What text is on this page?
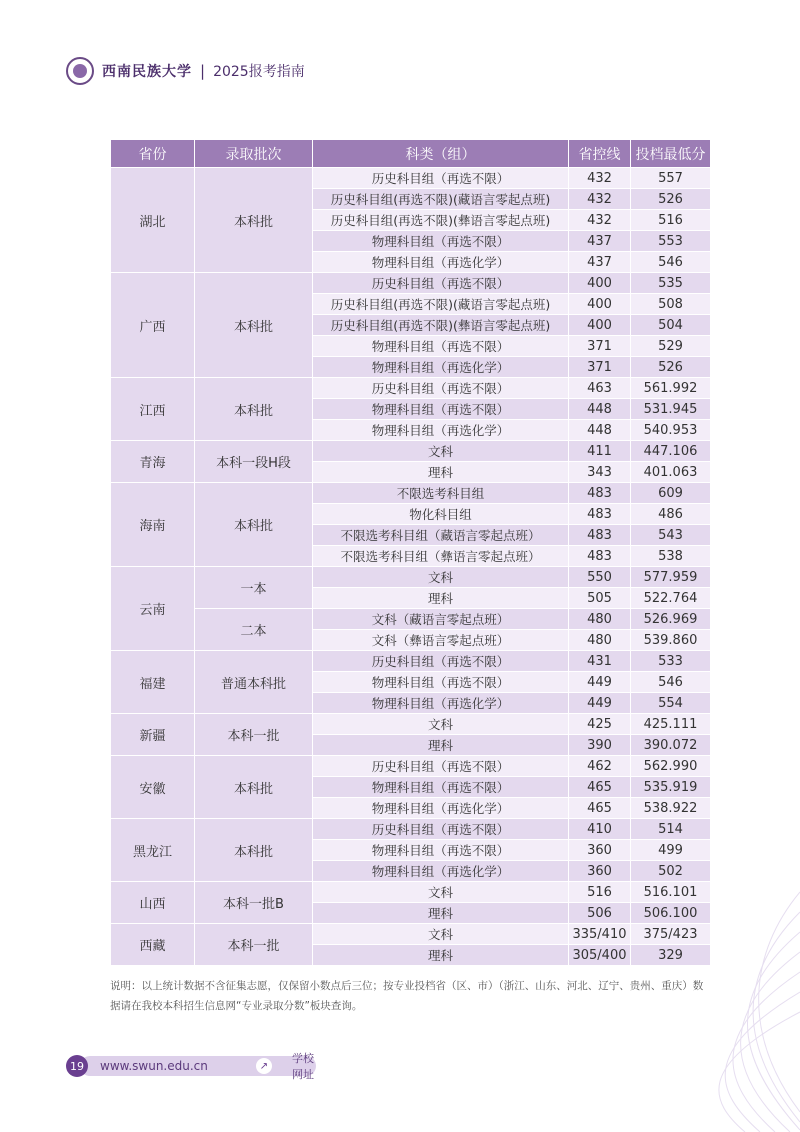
西南民族大学 | 2025报考指南
省份	录取批次	科类（组）	省控线	投档最低分
湖北	本科批	历史科目组（再选不限）	432	557
		历史科目组(再选不限)(藏语言零起点班)	432	526
		历史科目组(再选不限)(彝语言零起点班)	432	516
		物理科目组（再选不限）	437	553
		物理科目组（再选化学）	437	546
广西	本科批	历史科目组（再选不限）	400	535
		历史科目组(再选不限)(藏语言零起点班)	400	508
		历史科目组(再选不限)(彝语言零起点班)	400	504
		物理科目组（再选不限）	371	529
		物理科目组（再选化学）	371	526
江西	本科批	历史科目组（再选不限）	463	561.992
		物理科目组（再选不限）	448	531.945
		物理科目组（再选化学）	448	540.953
青海	本科一段H段	文科	411	447.106
		理科	343	401.063
海南	本科批	不限选考科目组	483	609
		物化科目组	483	486
		不限选考科目组（藏语言零起点班）	483	543
		不限选考科目组（彝语言零起点班）	483	538
云南	一本	文科	550	577.959
		理科	505	522.764
	二本	文科（藏语言零起点班）	480	526.969
		文科（彝语言零起点班）	480	539.860
福建	普通本科批	历史科目组（再选不限）	431	533
		物理科目组（再选不限）	449	546
		物理科目组（再选化学）	449	554
新疆	本科一批	文科	425	425.111
		理科	390	390.072
安徽	本科批	历史科目组（再选不限）	462	562.990
		物理科目组（再选不限）	465	535.919
		物理科目组（再选化学）	465	538.922
黑龙江	本科批	历史科目组（再选不限）	410	514
		物理科目组（再选不限）	360	499
		物理科目组（再选化学）	360	502
山西	本科一批B	文科	516	516.101
		理科	506	506.100
西藏	本科一批	文科	335/410	375/423
		理科	305/400	329
说明：以上统计数据不含征集志愿，仅保留小数点后三位；按专业投档省（区、市）（浙江、山东、河北、辽宁、贵州、重庆）数据请在我校本科招生信息网“专业录取分数”板块查询。
19	www.swun.edu.cn	↗
学校网址
